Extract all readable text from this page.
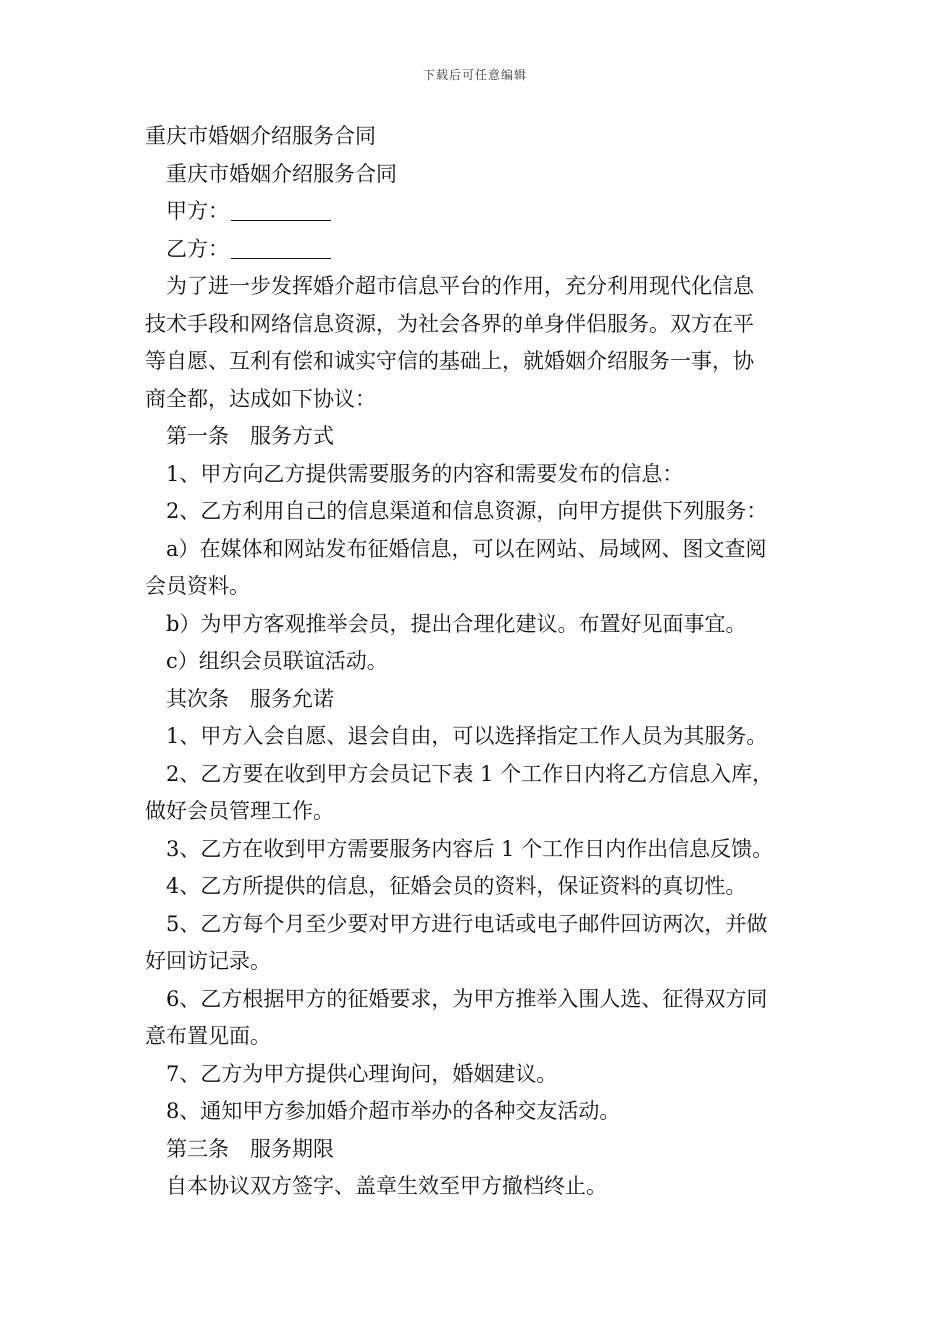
下载后可任意编辑
重庆市婚姻介绍服务合同
重庆市婚姻介绍服务合同
甲方：
乙方：
为了进一步发挥婚介超市信息平台的作用，充分利用现代化信息
技术手段和网络信息资源，为社会各界的单身伴侣服务。双方在平
等自愿、互利有偿和诚实守信的基础上，就婚姻介绍服务一事，协
商全都，达成如下协议：
第一条 服务方式
1、甲方向乙方提供需要服务的内容和需要发布的信息：
2、乙方利用自己的信息渠道和信息资源，向甲方提供下列服务：
a）在媒体和网站发布征婚信息，可以在网站、局域网、图文查阅
会员资料。
b）为甲方客观推举会员，提出合理化建议。布置好见面事宜。
c）组织会员联谊活动。
其次条 服务允诺
1、甲方入会自愿、退会自由，可以选择指定工作人员为其服务。
2、乙方要在收到甲方会员记下表 1 个工作日内将乙方信息入库，
做好会员管理工作。
3、乙方在收到甲方需要服务内容后 1 个工作日内作出信息反馈。
4、乙方所提供的信息，征婚会员的资料，保证资料的真切性。
5、乙方每个月至少要对甲方进行电话或电子邮件回访两次，并做
好回访记录。
6、乙方根据甲方的征婚要求，为甲方推举入围人选、征得双方同
意布置见面。
7、乙方为甲方提供心理询问，婚姻建议。
8、通知甲方参加婚介超市举办的各种交友活动。
第三条 服务期限
自本协议双方签字、盖章生效至甲方撤档终止。
